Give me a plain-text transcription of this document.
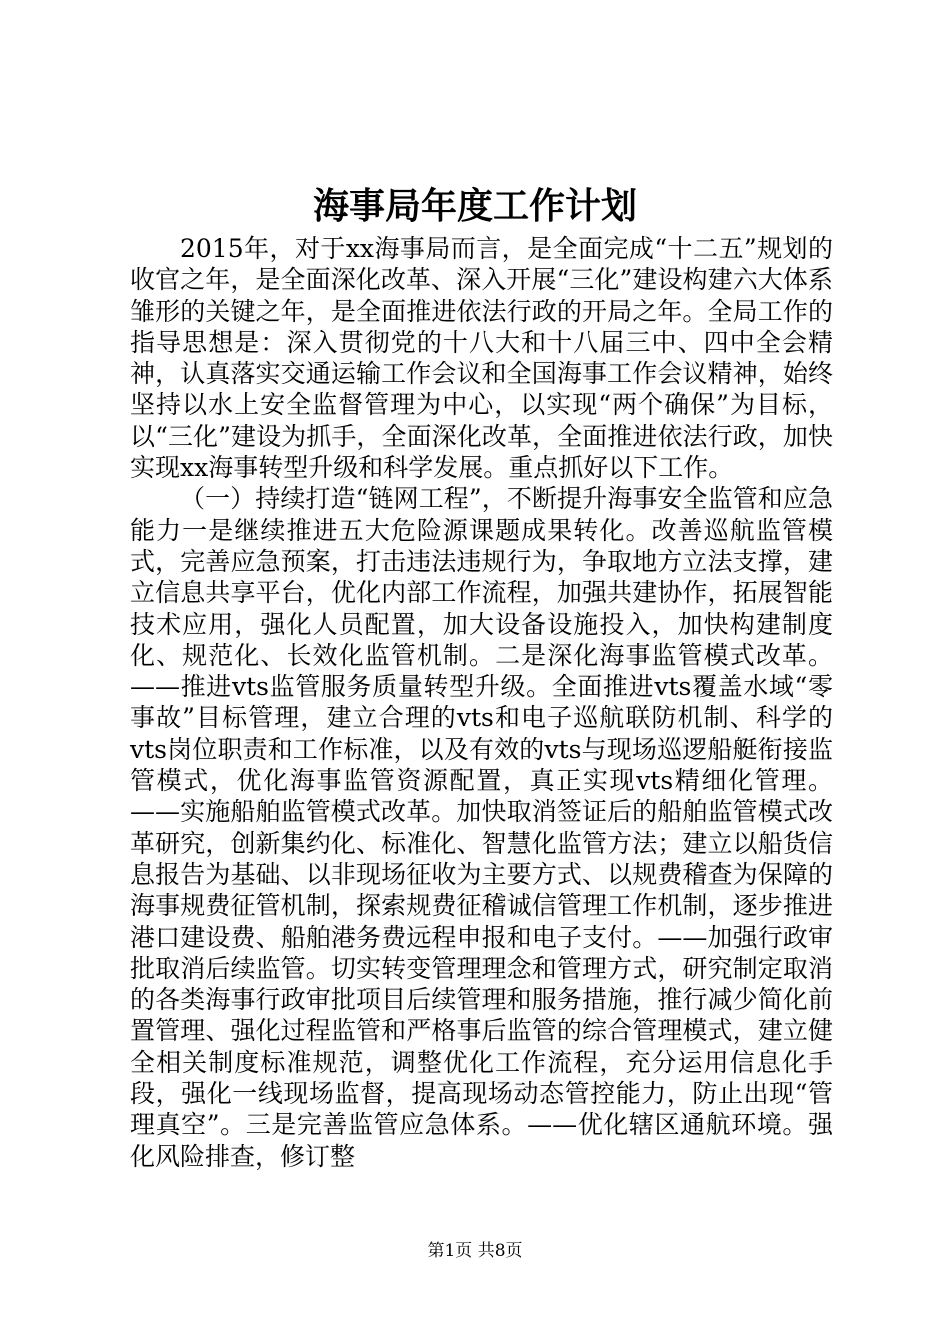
海事局年度工作计划

2015年，对于xx海事局而言，是全面完成“十二五”规划的收官之年，是全面深化改革、深入开展“三化”建设构建六大体系雏形的关键之年，是全面推进依法行政的开局之年。全局工作的指导思想是：深入贯彻党的十八大和十八届三中、四中全会精神，认真落实交通运输工作会议和全国海事工作会议精神，始终坚持以水上安全监督管理为中心，以实现“两个确保”为目标，以“三化”建设为抓手，全面深化改革，全面推进依法行政，加快实现xx海事转型升级和科学发展。重点抓好以下工作。

（一）持续打造“链网工程”，不断提升海事安全监管和应急能力一是继续推进五大危险源课题成果转化。改善巡航监管模式，完善应急预案，打击违法违规行为，争取地方立法支撑，建立信息共享平台，优化内部工作流程，加强共建协作，拓展智能技术应用，强化人员配置，加大设备设施投入，加快构建制度化、规范化、长效化监管机制。二是深化海事监管模式改革。——推进vts监管服务质量转型升级。全面推进vts覆盖水域“零事故”目标管理，建立合理的vts和电子巡航联防机制、科学的vts岗位职责和工作标准，以及有效的vts与现场巡逻船艇衔接监管模式，优化海事监管资源配置，真正实现vts精细化管理。——实施船舶监管模式改革。加快取消签证后的船舶监管模式改革研究，创新集约化、标准化、智慧化监管方法；建立以船货信息报告为基础、以非现场征收为主要方式、以规费稽查为保障的海事规费征管机制，探索规费征稽诚信管理工作机制，逐步推进港口建设费、船舶港务费远程申报和电子支付。——加强行政审批取消后续监管。切实转变管理理念和管理方式，研究制定取消的各类海事行政审批项目后续管理和服务措施，推行减少简化前置管理、强化过程监管和严格事后监管的综合管理模式，建立健全相关制度标准规范，调整优化工作流程，充分运用信息化手段，强化一线现场监督，提高现场动态管控能力，防止出现“管理真空”。三是完善监管应急体系。——优化辖区通航环境。强化风险排查，修订整

第1页 共8页
